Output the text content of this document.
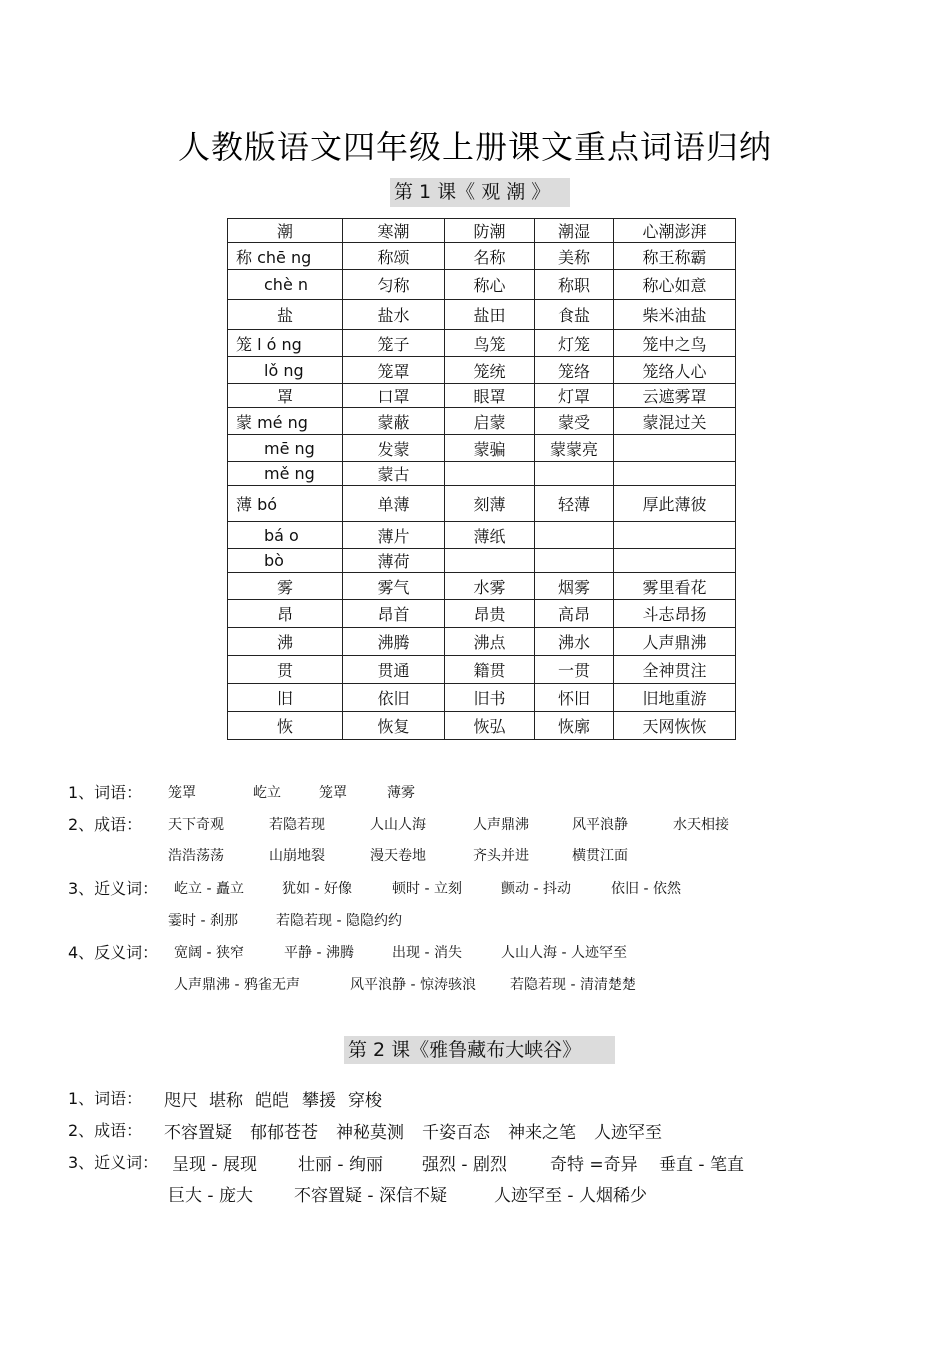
人教版语文四年级上册课文重点词语归纳
第 1 课《 观 潮 》
潮	寒潮	防潮	潮湿	心潮澎湃
称 chē ng	称颂	名称	美称	称王称霸
chè n	匀称	称心	称职	称心如意
盐	盐水	盐田	食盐	柴米油盐
笼 l ó ng	笼子	鸟笼	灯笼	笼中之鸟
lǒ ng	笼罩	笼统	笼络	笼络人心
罩	口罩	眼罩	灯罩	云遮雾罩
蒙 mé ng	蒙蔽	启蒙	蒙受	蒙混过关
mē ng	发蒙	蒙骗	蒙蒙亮	
mě ng	蒙古			
薄 bó	单薄	刻薄	轻薄	厚此薄彼
bá o	薄片	薄纸		
bò	薄荷			
雾	雾气	水雾	烟雾	雾里看花
昂	昂首	昂贵	高昂	斗志昂扬
沸	沸腾	沸点	沸水	人声鼎沸
贯	贯通	籍贯	一贯	全神贯注
旧	依旧	旧书	怀旧	旧地重游
恢	恢复	恢弘	恢廓	天网恢恢
1、词语： 笼罩	屹立	笼罩	薄雾
2、成语： 天下奇观	若隐若现	人山人海	人声鼎沸	风平浪静	水天相接
浩浩荡荡	山崩地裂	漫天卷地	齐头并进	横贯江面
3、近义词： 屹立 - 矗立	犹如 - 好像	顿时 - 立刻	颤动 - 抖动	依旧 - 依然
霎时 - 刹那	若隐若现 - 隐隐约约
4、反义词： 宽阔 - 狭窄	平静 - 沸腾	出现 - 消失	人山人海 - 人迹罕至
人声鼎沸 - 鸦雀无声	风平浪静 - 惊涛骇浪 若隐若现 - 清清楚楚
第 2 课《雅鲁藏布大峡谷》
1、词语： 咫尺 堪称 皑皑 攀援 穿梭
2、成语： 不容置疑 郁郁苍苍 神秘莫测 千姿百态 神来之笔 人迹罕至
3、近义词： 呈现 - 展现 壮丽 - 绚丽 强烈 - 剧烈	奇特 =奇异 垂直 - 笔直
巨大 - 庞大 不容置疑 - 深信不疑	人迹罕至 - 人烟稀少
